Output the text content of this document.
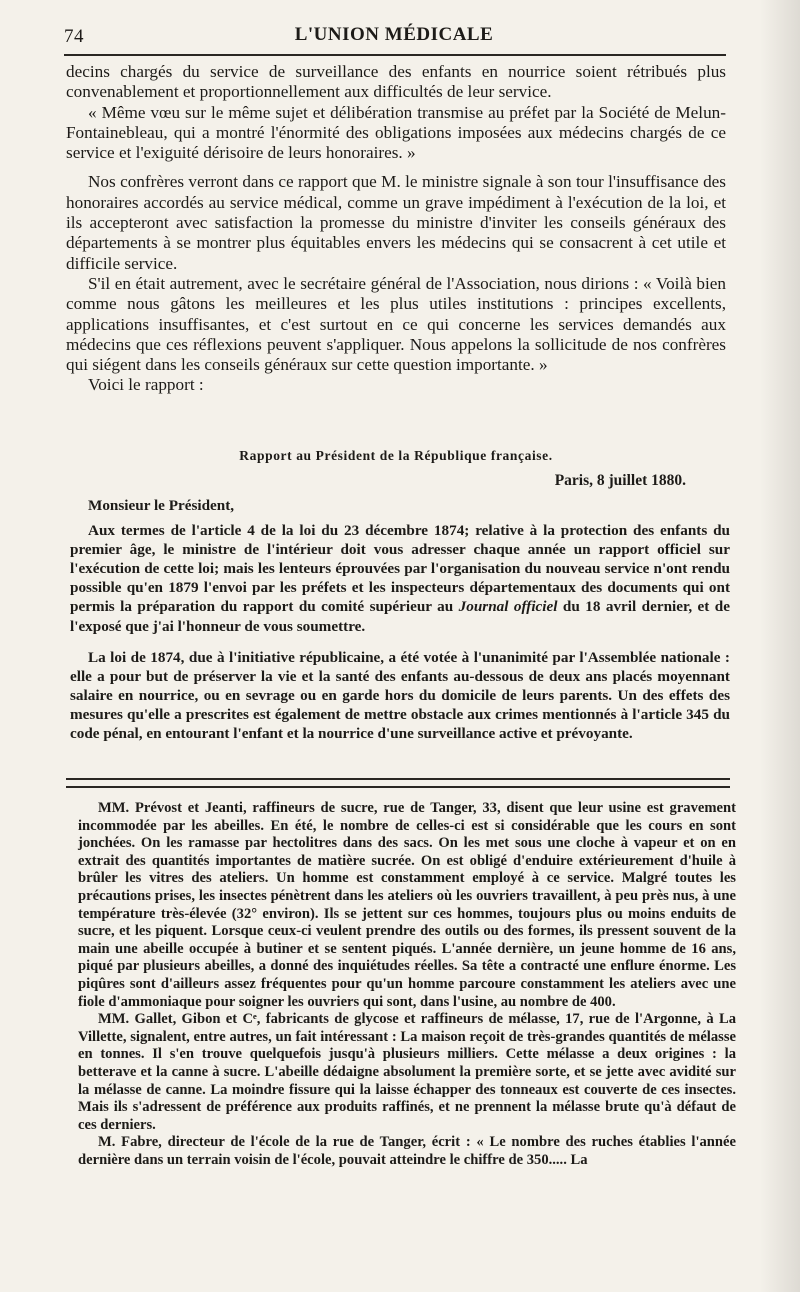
74	L'UNION MÉDICALE

decins chargés du service de surveillance des enfants en nourrice soient rétribués plus convenablement et proportionnellement aux difficultés de leur service.

« Même vœu sur le même sujet et délibération transmise au préfet par la Société de Melun-Fontainebleau, qui a montré l'énormité des obligations imposées aux médecins chargés de ce service et l'exiguité dérisoire de leurs honoraires. »

Nos confrères verront dans ce rapport que M. le ministre signale à son tour l'insuffisance des honoraires accordés au service médical, comme un grave impédiment à l'exécution de la loi, et ils accepteront avec satisfaction la promesse du ministre d'inviter les conseils généraux des départements à se montrer plus équitables envers les médecins qui se consacrent à cet utile et difficile service.

S'il en était autrement, avec le secrétaire général de l'Association, nous dirions : « Voilà bien comme nous gâtons les meilleures et les plus utiles institutions : principes excellents, applications insuffisantes, et c'est surtout en ce qui concerne les services demandés aux médecins que ces réflexions peuvent s'appliquer. Nous appelons la sollicitude de nos confrères qui siégent dans les conseils généraux sur cette question importante. »

Voici le rapport :

Rapport au Président de la République française.
Paris, 8 juillet 1880.

Monsieur le Président,

Aux termes de l'article 4 de la loi du 23 décembre 1874; relative à la protection des enfants du premier âge, le ministre de l'intérieur doit vous adresser chaque année un rapport officiel sur l'exécution de cette loi; mais les lenteurs éprouvées par l'organisation du nouveau service n'ont rendu possible qu'en 1879 l'envoi par les préfets et les inspecteurs départementaux des documents qui ont permis la préparation du rapport du comité supérieur au Journal officiel du 18 avril dernier, et de l'exposé que j'ai l'honneur de vous soumettre.

La loi de 1874, due à l'initiative républicaine, a été votée à l'unanimité par l'Assemblée nationale : elle a pour but de préserver la vie et la santé des enfants au-dessous de deux ans placés moyennant salaire en nourrice, ou en sevrage ou en garde hors du domicile de leurs parents. Un des effets des mesures qu'elle a prescrites est également de mettre obstacle aux crimes mentionnés à l'article 345 du code pénal, en entourant l'enfant et la nourrice d'une surveillance active et prévoyante.

MM. Prévost et Jeanti, raffineurs de sucre, rue de Tanger, 33, disent que leur usine est gravement incommodée par les abeilles. En été, le nombre de celles-ci est si considérable que les cours en sont jonchées. On les ramasse par hectolitres dans des sacs. On les met sous une cloche à vapeur et on en extrait des quantités importantes de matière sucrée. On est obligé d'enduire extérieurement d'huile à brûler les vitres des ateliers. Un homme est constamment employé à ce service. Malgré toutes les précautions prises, les insectes pénètrent dans les ateliers où les ouvriers travaillent, à peu près nus, à une température très-élevée (32° environ). Ils se jettent sur ces hommes, toujours plus ou moins enduits de sucre, et les piquent. Lorsque ceux-ci veulent prendre des outils ou des formes, ils pressent souvent de la main une abeille occupée à butiner et se sentent piqués. L'année dernière, un jeune homme de 16 ans, piqué par plusieurs abeilles, a donné des inquiétudes réelles. Sa tête a contracté une enflure énorme. Les piqûres sont d'ailleurs assez fréquentes pour qu'un homme parcoure constamment les ateliers avec une fiole d'ammoniaque pour soigner les ouvriers qui sont, dans l'usine, au nombre de 400.

MM. Gallet, Gibon et Cᵉ, fabricants de glycose et raffineurs de mélasse, 17, rue de l'Argonne, à La Villette, signalent, entre autres, un fait intéressant : La maison reçoit de très-grandes quantités de mélasse en tonnes. Il s'en trouve quelquefois jusqu'à plusieurs milliers. Cette mélasse a deux origines : la betterave et la canne à sucre. L'abeille dédaigne absolument la première sorte, et se jette avec avidité sur la mélasse de canne. La moindre fissure qui la laisse échapper des tonneaux est couverte de ces insectes. Mais ils s'adressent de préférence aux produits raffinés, et ne prennent la mélasse brute qu'à défaut de ces derniers.

M. Fabre, directeur de l'école de la rue de Tanger, écrit : « Le nombre des ruches établies l'année dernière dans un terrain voisin de l'école, pouvait atteindre le chiffre de 350..... La
